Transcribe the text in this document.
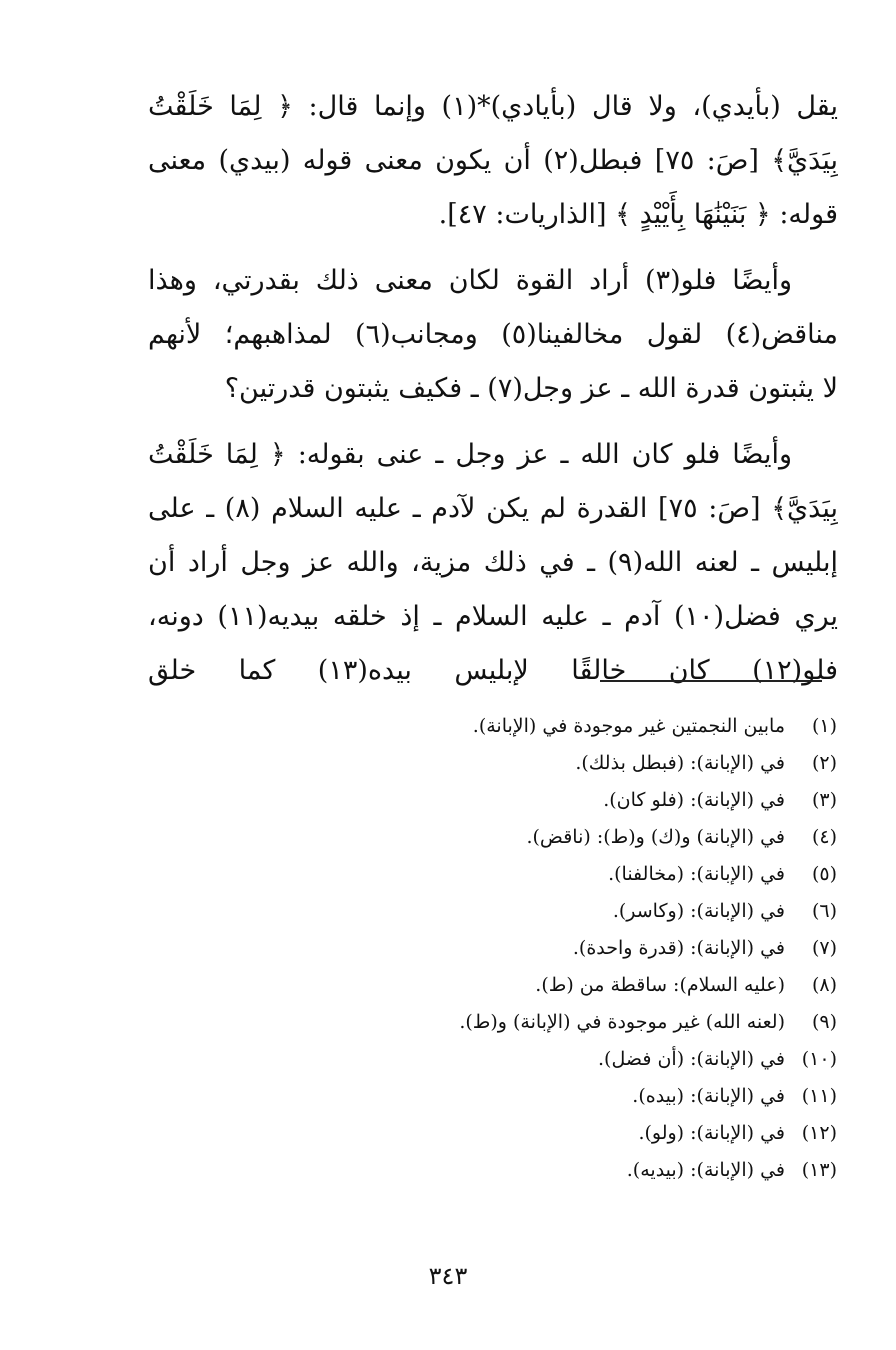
يقل (بأيدي)، ولا قال (بأيادي)*(١) وإنما قال: ﴿ لِمَا خَلَقْتُ
بِيَدَيَّ﴾ [صَ: ٧٥] فبطل(٢) أن يكون معنى قوله (بيدي) معنى
قوله: ﴿ بَنَيْنَٰهَا بِأَيْيْدٍ ﴾ [الذاريات: ٤٧].
وأيضًا فلو(٣) أراد القوة لكان معنى ذلك بقدرتي، وهذا
مناقض(٤) لقول مخالفينا(٥) ومجانب(٦) لمذاهبهم؛ لأنهم
لا يثبتون قدرة الله ـ عز وجل(٧) ـ فكيف يثبتون قدرتين؟
وأيضًا فلو كان الله ـ عز وجل ـ عنى بقوله: ﴿ لِمَا خَلَقْتُ
بِيَدَيَّ﴾ [صَ: ٧٥] القدرة لم يكن لآدم ـ عليه السلام (٨) ـ على
إبليس ـ لعنه الله(٩) ـ في ذلك مزية، والله عز وجل أراد أن
يري فضل(١٠) آدم ـ عليه السلام ـ إذ خلقه بيديه(١١) دونه،
فلو(١٢) كان خالقًا لإبليس بيده(١٣) كما خلق
(١)
مابين النجمتين غير موجودة في (الإبانة).
(٢)
في (الإبانة): (فبطل بذلك).
(٣)
في (الإبانة): (فلو كان).
(٤)
في (الإبانة) و(ك) و(ط): (ناقض).
(٥)
في (الإبانة): (مخالفنا).
(٦)
في (الإبانة): (وكاسر).
(٧)
في (الإبانة): (قدرة واحدة).
(٨)
(عليه السلام): ساقطة من (ط).
(٩)
(لعنه الله) غير موجودة في (الإبانة) و(ط).
(١٠)
في (الإبانة): (أن فضل).
(١١)
في (الإبانة): (بيده).
(١٢)
في (الإبانة): (ولو).
(١٣)
في (الإبانة): (بيديه).
٣٤٣
